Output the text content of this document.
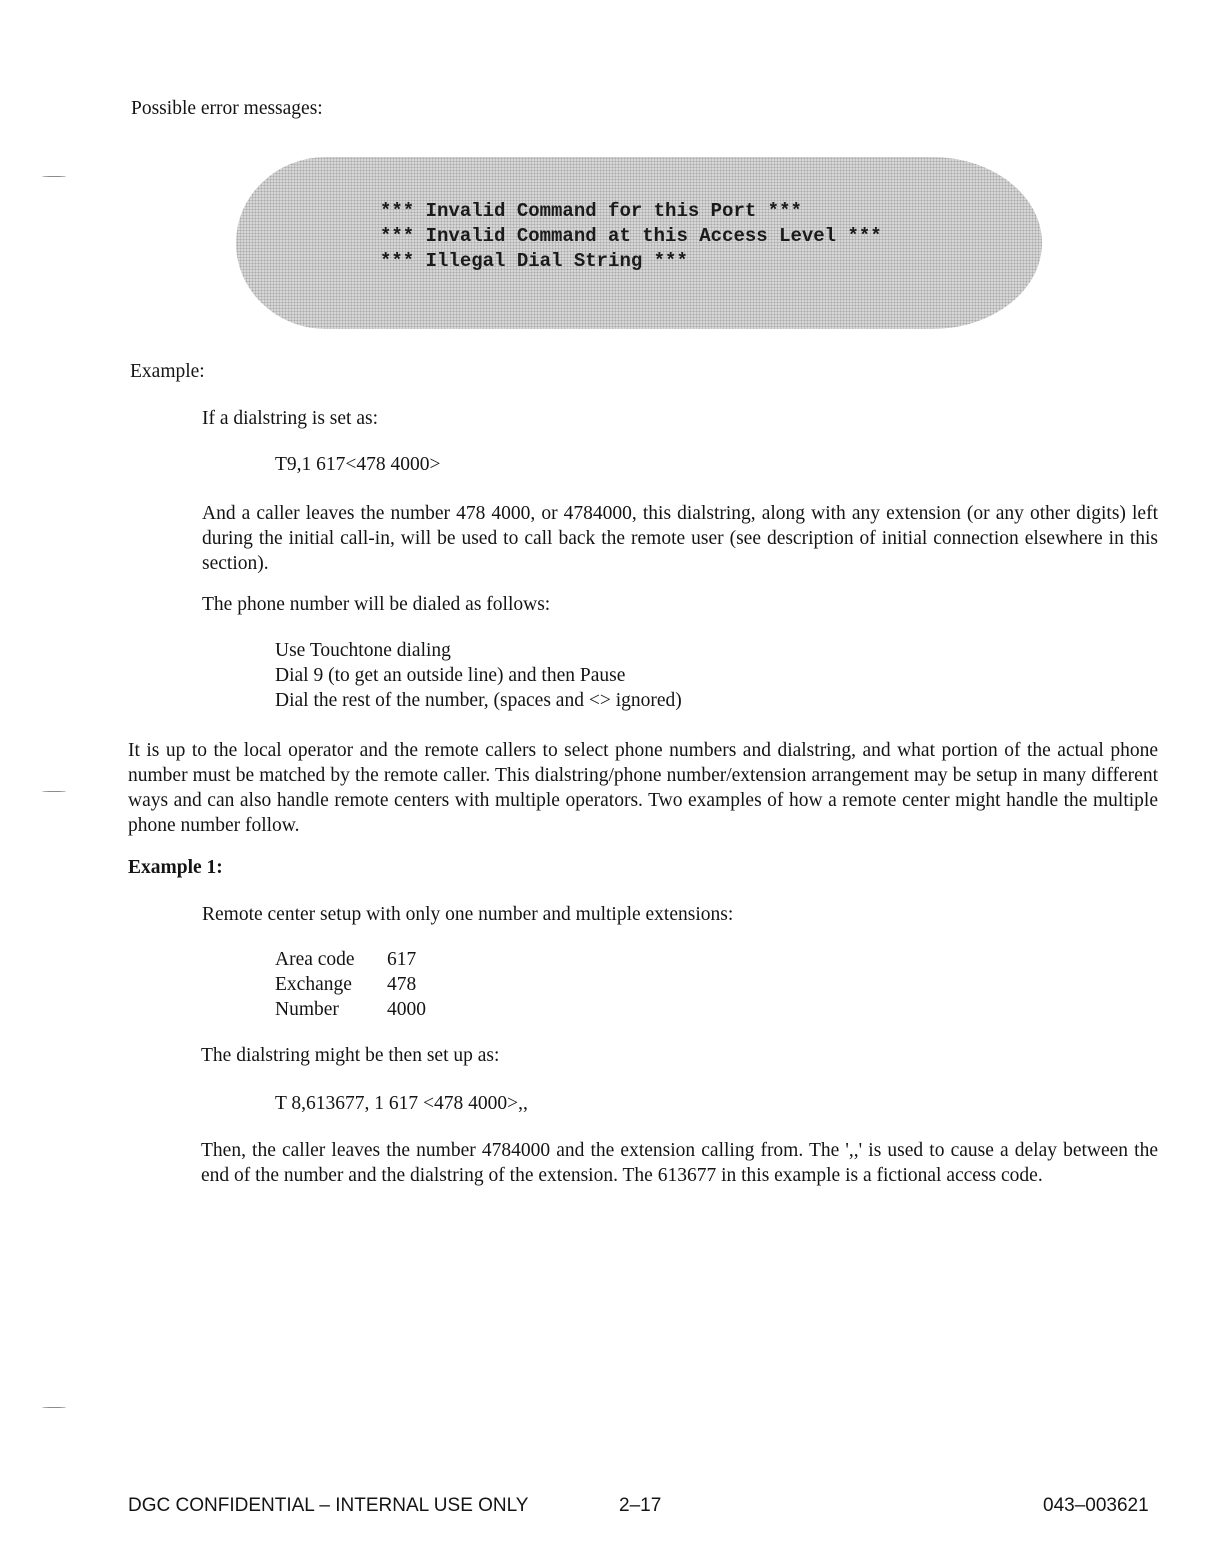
Possible error messages:
*** Invalid Command for this Port ***
*** Invalid Command at this Access Level ***
*** Illegal Dial String ***
Example:
If a dialstring is set as:
T9,1 617<478 4000>
And a caller leaves the number 478 4000, or 4784000, this dialstring, along with any extension (or any other digits) left during the initial call-in, will be used to call back the remote user (see description of initial connection elsewhere in this section).
The phone number will be dialed as follows:
Use Touchtone dialing
Dial 9 (to get an outside line) and then Pause
Dial the rest of the number, (spaces and <> ignored)
It is up to the local operator and the remote callers to select phone numbers and dialstring, and what portion of the actual phone number must be matched by the remote caller. This dialstring/phone number/extension arrangement may be setup in many different ways and can also handle remote centers with multiple operators. Two examples of how a remote center might handle the multiple phone number follow.
Example 1:
Remote center setup with only one number and multiple extensions:
Area code 617
Exchange 478
Number 4000
The dialstring might be then set up as:
T 8,613677, 1 617 <478 4000>,,
Then, the caller leaves the number 4784000 and the extension calling from. The ',,' is used to cause a delay between the end of the number and the dialstring of the extension. The 613677 in this example is a fictional access code.
DGC CONFIDENTIAL – INTERNAL USE ONLY	2–17	043–003621
